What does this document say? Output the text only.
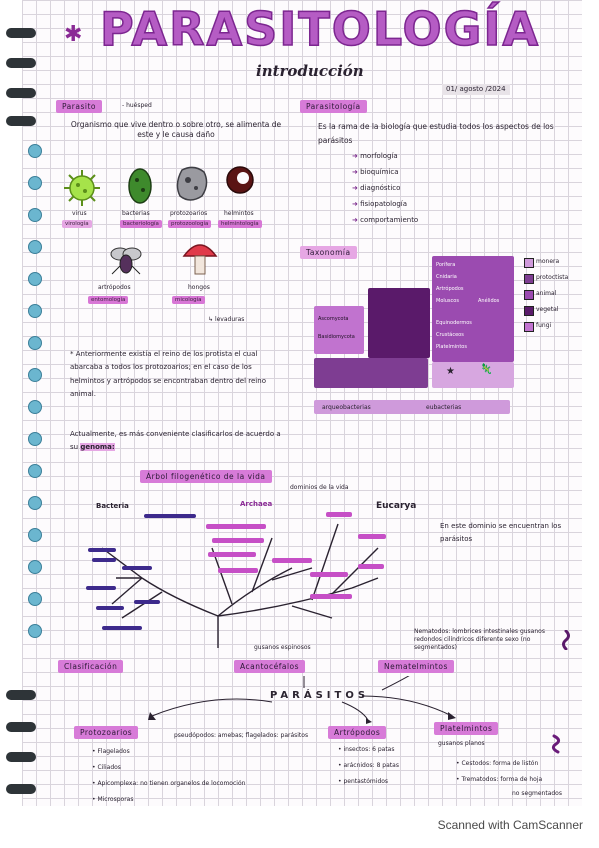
✱ PARASITOLOGÍA
introducción
01/ agosto /2024
Parasito	- huésped
Organismo que vive dentro o sobre otro, se alimenta de este y le causa daño
virus
virología
bacterias
bacteriología
protozoarios
protozoología
helmintos
helmintología
artrópodos
entomología
hongos
micología
↳ levaduras
* Anteriormente existía el reino de los protista el cual abarcaba a todos los protozoarios; en el caso de los helmintos y artrópodos se encontraban dentro del reino animal.
Actualmente, es más conveniente clasificarlos de acuerdo a su genoma:
Parasitología
Es la rama de la biología que estudia todos los aspectos de los parásitos
➜ morfología
➜ bioquímica
➜ diagnóstico
➜ fisiopatología
➜ comportamiento
Taxonomía
Ascomycota
Basidiomycota
Porífera
Cnidaria
Artrópodos
Moluscos	Anélidos
Equinodermos
Crustáceos
Platelmintos
★	🦎
monera
protoctista
animal
vegetal
fungi
arqueobacterias	eubacterias
Árbol filogenético de la vida
dominios de la vida
Bacteria	Archaea	Eucarya
En este dominio se encuentran los parásitos
Nematodos: lombrices intestinales gusanos redondos cilíndricos diferente sexo (no segmentados)
Clasificación
gusanos espinosos
Acantocéfalos	Nematelmintos
PARÁSITOS
Protozoarios	pseudópodos: amebas; flagelados: parásitos
• Flagelados
• Ciliados
• Apicomplexa: no tienen organelos de locomoción
• Microsporas
Artrópodos
• insectos: 6 patas
• arácnidos: 8 patas
• pentastómidos
Platelmintos
gusanos planos
• Cestodos: forma de listón
• Trematodos: forma de hoja
no segmentados
Scanned with CamScanner
